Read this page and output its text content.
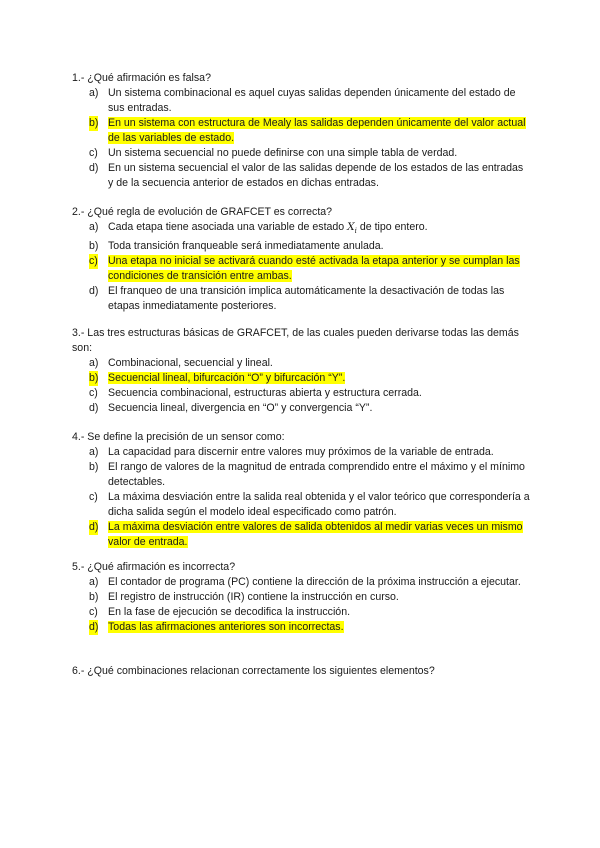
1.- ¿Qué afirmación es falsa?

a) Un sistema combinacional es aquel cuyas salidas dependen únicamente del estado de sus entradas.
b) En un sistema con estructura de Mealy las salidas dependen únicamente del valor actual de las variables de estado.
c) Un sistema secuencial no puede definirse con una simple tabla de verdad.
d) En un sistema secuencial el valor de las salidas depende de los estados de las entradas y de la secuencia anterior de estados en dichas entradas.

2.- ¿Qué regla de evolución de GRAFCET es correcta?

a) Cada etapa tiene asociada una variable de estado $X_i$ de tipo entero.
b) Toda transición franqueable será inmediatamente anulada.
c) Una etapa no inicial se activará cuando esté activada la etapa anterior y se cumplan las condiciones de transición entre ambas.
d) El franqueo de una transición implica automáticamente la desactivación de todas las etapas inmediatamente posteriores.

3.- Las tres estructuras básicas de GRAFCET, de las cuales pueden derivarse todas las demás son:

a) Combinacional, secuencial y lineal.
b) Secuencial lineal, bifurcación “O” y bifurcación “Y”.
c) Secuencia combinacional, estructuras abierta y estructura cerrada.
d) Secuencia lineal, divergencia en “O” y convergencia “Y”.

4.- Se define la precisión de un sensor como:

a) La capacidad para discernir entre valores muy próximos de la variable de entrada.
b) El rango de valores de la magnitud de entrada comprendido entre el máximo y el mínimo detectables.
c) La máxima desviación entre la salida real obtenida y el valor teórico que correspondería a dicha salida según el modelo ideal especificado como patrón.
d) La máxima desviación entre valores de salida obtenidos al medir varias veces un mismo valor de entrada.

5.- ¿Qué afirmación es incorrecta?

a) El contador de programa (PC) contiene la dirección de la próxima instrucción a ejecutar.
b) El registro de instrucción (IR) contiene la instrucción en curso.
c) En la fase de ejecución se decodifica la instrucción.
d) Todas las afirmaciones anteriores son incorrectas.

6.- ¿Qué combinaciones relacionan correctamente los siguientes elementos?
